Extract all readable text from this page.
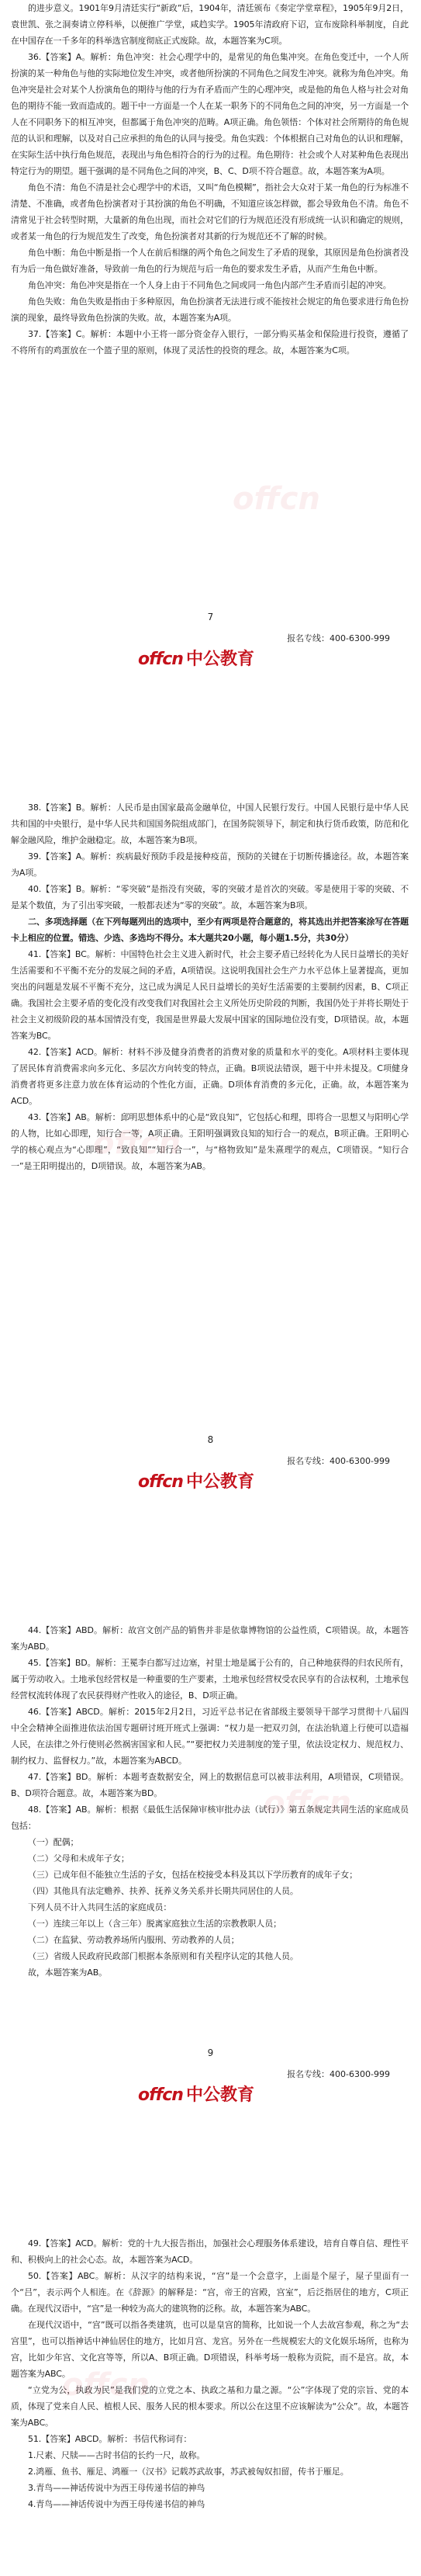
的进步意义。1901年9月清廷实行“新政”后，1904年，清廷颁布《奏定学堂章程》，1905年9月2日，袁世凯、张之洞奏请立停科举，以便推广学堂，咸趋实学。1905年清政府下诏，宣布废除科举制度，自此在中国存在一千多年的科举选官制度彻底正式废除。故，本题答案为C项。

36.【答案】A。解析：角色冲突：社会心理学中的，是常见的角色集冲突。在角色变迁中，一个人所扮演的某一种角色与他的实际地位发生冲突，或者他所扮演的不同角色之间发生冲突。就称为角色冲突。角色冲突是社会对某个人扮演角色的期待与他的行为有矛盾而产生的心理冲突，或是他的角色人格与社会对角色的期待不能一致而造成的。题干中一方面是一个人在某一职务下的不同角色之间的冲突，另一方面是一个人在不同职务下的相互冲突，但都属于角色冲突的范畴。A项正确。角色领悟：个体对社会所期待的角色规范的认识和理解，以及对自己应承担的角色的认同与接受。角色实践：个体根据自己对角色的认识和理解，在实际生活中执行角色规范，表现出与角色相符合的行为的过程。角色期待：社会或个人对某种角色表现出特定行为的期望。题干强调的是不同角色之间的冲突，B、C、D项不符合题意。故，本题答案为A项。

角色不清：角色不清是社会心理学中的术语，又叫“角色模糊”，指社会大众对于某一角色的行为标准不清楚、不准确，或者角色扮演者对于其扮演的角色不明确，不知道应该怎样做，都会导致角色不清。角色不清常见于社会转型时期，大量新的角色出现，而社会对它们的行为规范还没有形成统一认识和确定的规则，或者某一角色的行为规范发生了改变，角色扮演者对其新的行为规范还不了解的时候。

角色中断：角色中断是指一个人在前后相继的两个角色之间发生了矛盾的现象，其原因是角色扮演者没有为后一角色做好准备，导致前一角色的行为规范与后一角色的要求发生矛盾，从而产生角色中断。

角色冲突：角色冲突是指在一个人身上由于不同角色之间或同一角色内部产生矛盾而引起的冲突。

角色失败：角色失败是指由于多种原因，角色扮演者无法进行或不能按社会规定的角色要求进行角色扮演的现象，最终导致角色扮演的失败。故，本题答案为A项。

37.【答案】C。解析：本题中小王将一部分资金存入银行，一部分购买基金和保险进行投资，遵循了不将所有的鸡蛋放在一个篮子里的原则，体现了灵活性的投资的理念。故，本题答案为C项。

7
报名专线：400-6300-999
offcn 中公教育

38.【答案】B。解析：人民币是由国家最高金融单位，中国人民银行发行。中国人民银行是中华人民共和国的中央银行，是中华人民共和国国务院组成部门，在国务院领导下，制定和执行货币政策，防范和化解金融风险，维护金融稳定。故，本题答案为B项。

39.【答案】A。解析：疾病最好预防手段是接种疫苗，预防的关键在于切断传播途径。故，本题答案为A项。

40.【答案】B。解析：“零突破”是指没有突破，零的突破才是首次的突破。零是使用于零的突破、不是某个数值，为了引出零突破，一般都表述为“零的突破”。故，本题答案为B项。

二、多项选择题（在下列每题列出的选项中，至少有两项是符合题意的，将其选出并把答案涂写在答题卡上相应的位置。错选、少选、多选均不得分。本大题共20小题，每小题1.5分，共30分）

41.【答案】BC。解析：中国特色社会主义进入新时代，社会主要矛盾已经转化为人民日益增长的美好生活需要和不平衡不充分的发展之间的矛盾，A项错误。这说明我国社会生产力水平总体上显著提高，更加突出的问题是发展不平衡不充分，这已成为满足人民日益增长的美好生活需要的主要制约因素，B、C项正确。我国社会主要矛盾的变化没有改变我们对我国社会主义所处历史阶段的判断，我国仍处于并将长期处于社会主义初级阶段的基本国情没有变，我国是世界最大发展中国家的国际地位没有变，D项错误。故，本题答案为BC。

42.【答案】ACD。解析：材料不涉及健身消费者的消费对象的质量和水平的变化。A项材料主要体现了居民体育消费需求向多元化、多层次方向转变的特点，正确。B项说法错误，题干中并未提及。C项健身消费者将更多注意力放在体育运动的个性化方面，正确。D项体育消费的多元化，正确。故，本题答案为ACD。

43.【答案】AB。解析：邱明思想体系中的心是“致良知”，它包括心和理，即将合一思想又与阳明心学的人物，比如心即理，知行合一等，A项正确。王阳明强调致良知的知行合一的观点，B项正确。王阳明心学的核心观点为“心即理”，“致良知”“知行合一”，与“格物致知”是朱熹理学的观点，C项错误。“知行合一”是王阳明提出的，D项错误。故，本题答案为AB。

8
报名专线：400-6300-999
offcn 中公教育

44.【答案】ABD。解析：故宫文创产品的销售并非是依靠博物馆的公益性质，C项错误。故，本题答案为ABD。

45.【答案】BD。解析：王冕李白都写过边塞，衬里士地是属于公有的，自己种地获得的归农民所有，属于劳动收入。土地承包经营权是一种重要的生产要素，土地承包经营权受农民享有的合法权利，土地承包经营权流转体现了农民获得财产性收入的途径，B、D项正确。

46.【答案】ABCD。解析：2015年2月2日，习近平总书记在省部级主要领导干部学习贯彻十八届四中全会精神全面推进依法治国专题研讨班开班式上强调：“权力是一把双刃剑，在法治轨道上行使可以造福人民，在法律之外行使则必然祸害国家和人民。”“要把权力关进制度的笼子里，依法设定权力、规范权力、制约权力、监督权力。”故，本题答案为ABCD。

47.【答案】BD。解析：本题考查数据安全，网上的数据信息可以被非法利用，A项错误，C项错误。B、D项符合题意。故，本题答案为BD。

48.【答案】AB。解析：根据《最低生活保障审核审批办法（试行）》第五条规定共同生活的家庭成员包括：

（一）配偶；

（二）父母和未成年子女；

（三）已成年但不能独立生活的子女，包括在校接受本科及其以下学历教育的成年子女；

（四）其他具有法定赡养、扶养、抚养义务关系并长期共同居住的人员。

下列人员不计入共同生活的家庭成员：

（一）连续三年以上（含三年）脱离家庭独立生活的宗教教职人员；

（二）在监狱、劳动教养场所内服刑、劳动教养的人员；

（三）省级人民政府民政部门根据本条原则和有关程序认定的其他人员。

故，本题答案为AB。

9
报名专线：400-6300-999
offcn 中公教育

49.【答案】ACD。解析：党的十九大报告指出，加强社会心理服务体系建设，培育自尊自信、理性平和、积极向上的社会心态。故，本题答案为ACD。

50.【答案】ABC。解析：从汉字的结构来说，“宫”是一个会意字，上面是个屋子，屋子里面有一个“吕”，表示两个人相连。在《辞源》的解释是：“宫，帝王的宫殿，宫室”，后泛指居住的地方，C项正确。在现代汉语中，“宫”是一种较为高大的建筑物的泛称。故，本题答案为ABC。

在现代汉语中，“宫”既可以指各类建筑，也可以是皇宫的简称，比如说一个人去故宫参观，称之为“去宫里”，也可以指神话中神仙居住的地方，比如月宫、龙宫。另外在一些规模宏大的文化娱乐场所，也称为宫，比如少年宫、文化宫等等，所以A、B项正确。D项错误，科举考场一般称为贡院，而不是宫。故，本题答案为ABC。

“立党为公，执政为民”是我们党的立党之本、执政之基和力量之源。“公”字体现了党的宗旨、党的本质，体现了党来自人民、植根人民、服务人民的根本要求。所以公在这里不应该解读为“公众”。故，本题答案为ABC。

51.【答案】ABCD。解析：书信代称词有：

1.尺素、尺牍——古时书信的长约一尺，故称。

2.鸿雁、鱼书、雁足、鸿雁一（汉书》记载苏武故事，苏武被匈奴扣留，传书于雁足。

3.青鸟——神话传说中为西王母传递书信的神鸟

4.青鸟——神话传说中为西王母传递书信的神鸟

offcn
offcn
offcn
offcn
